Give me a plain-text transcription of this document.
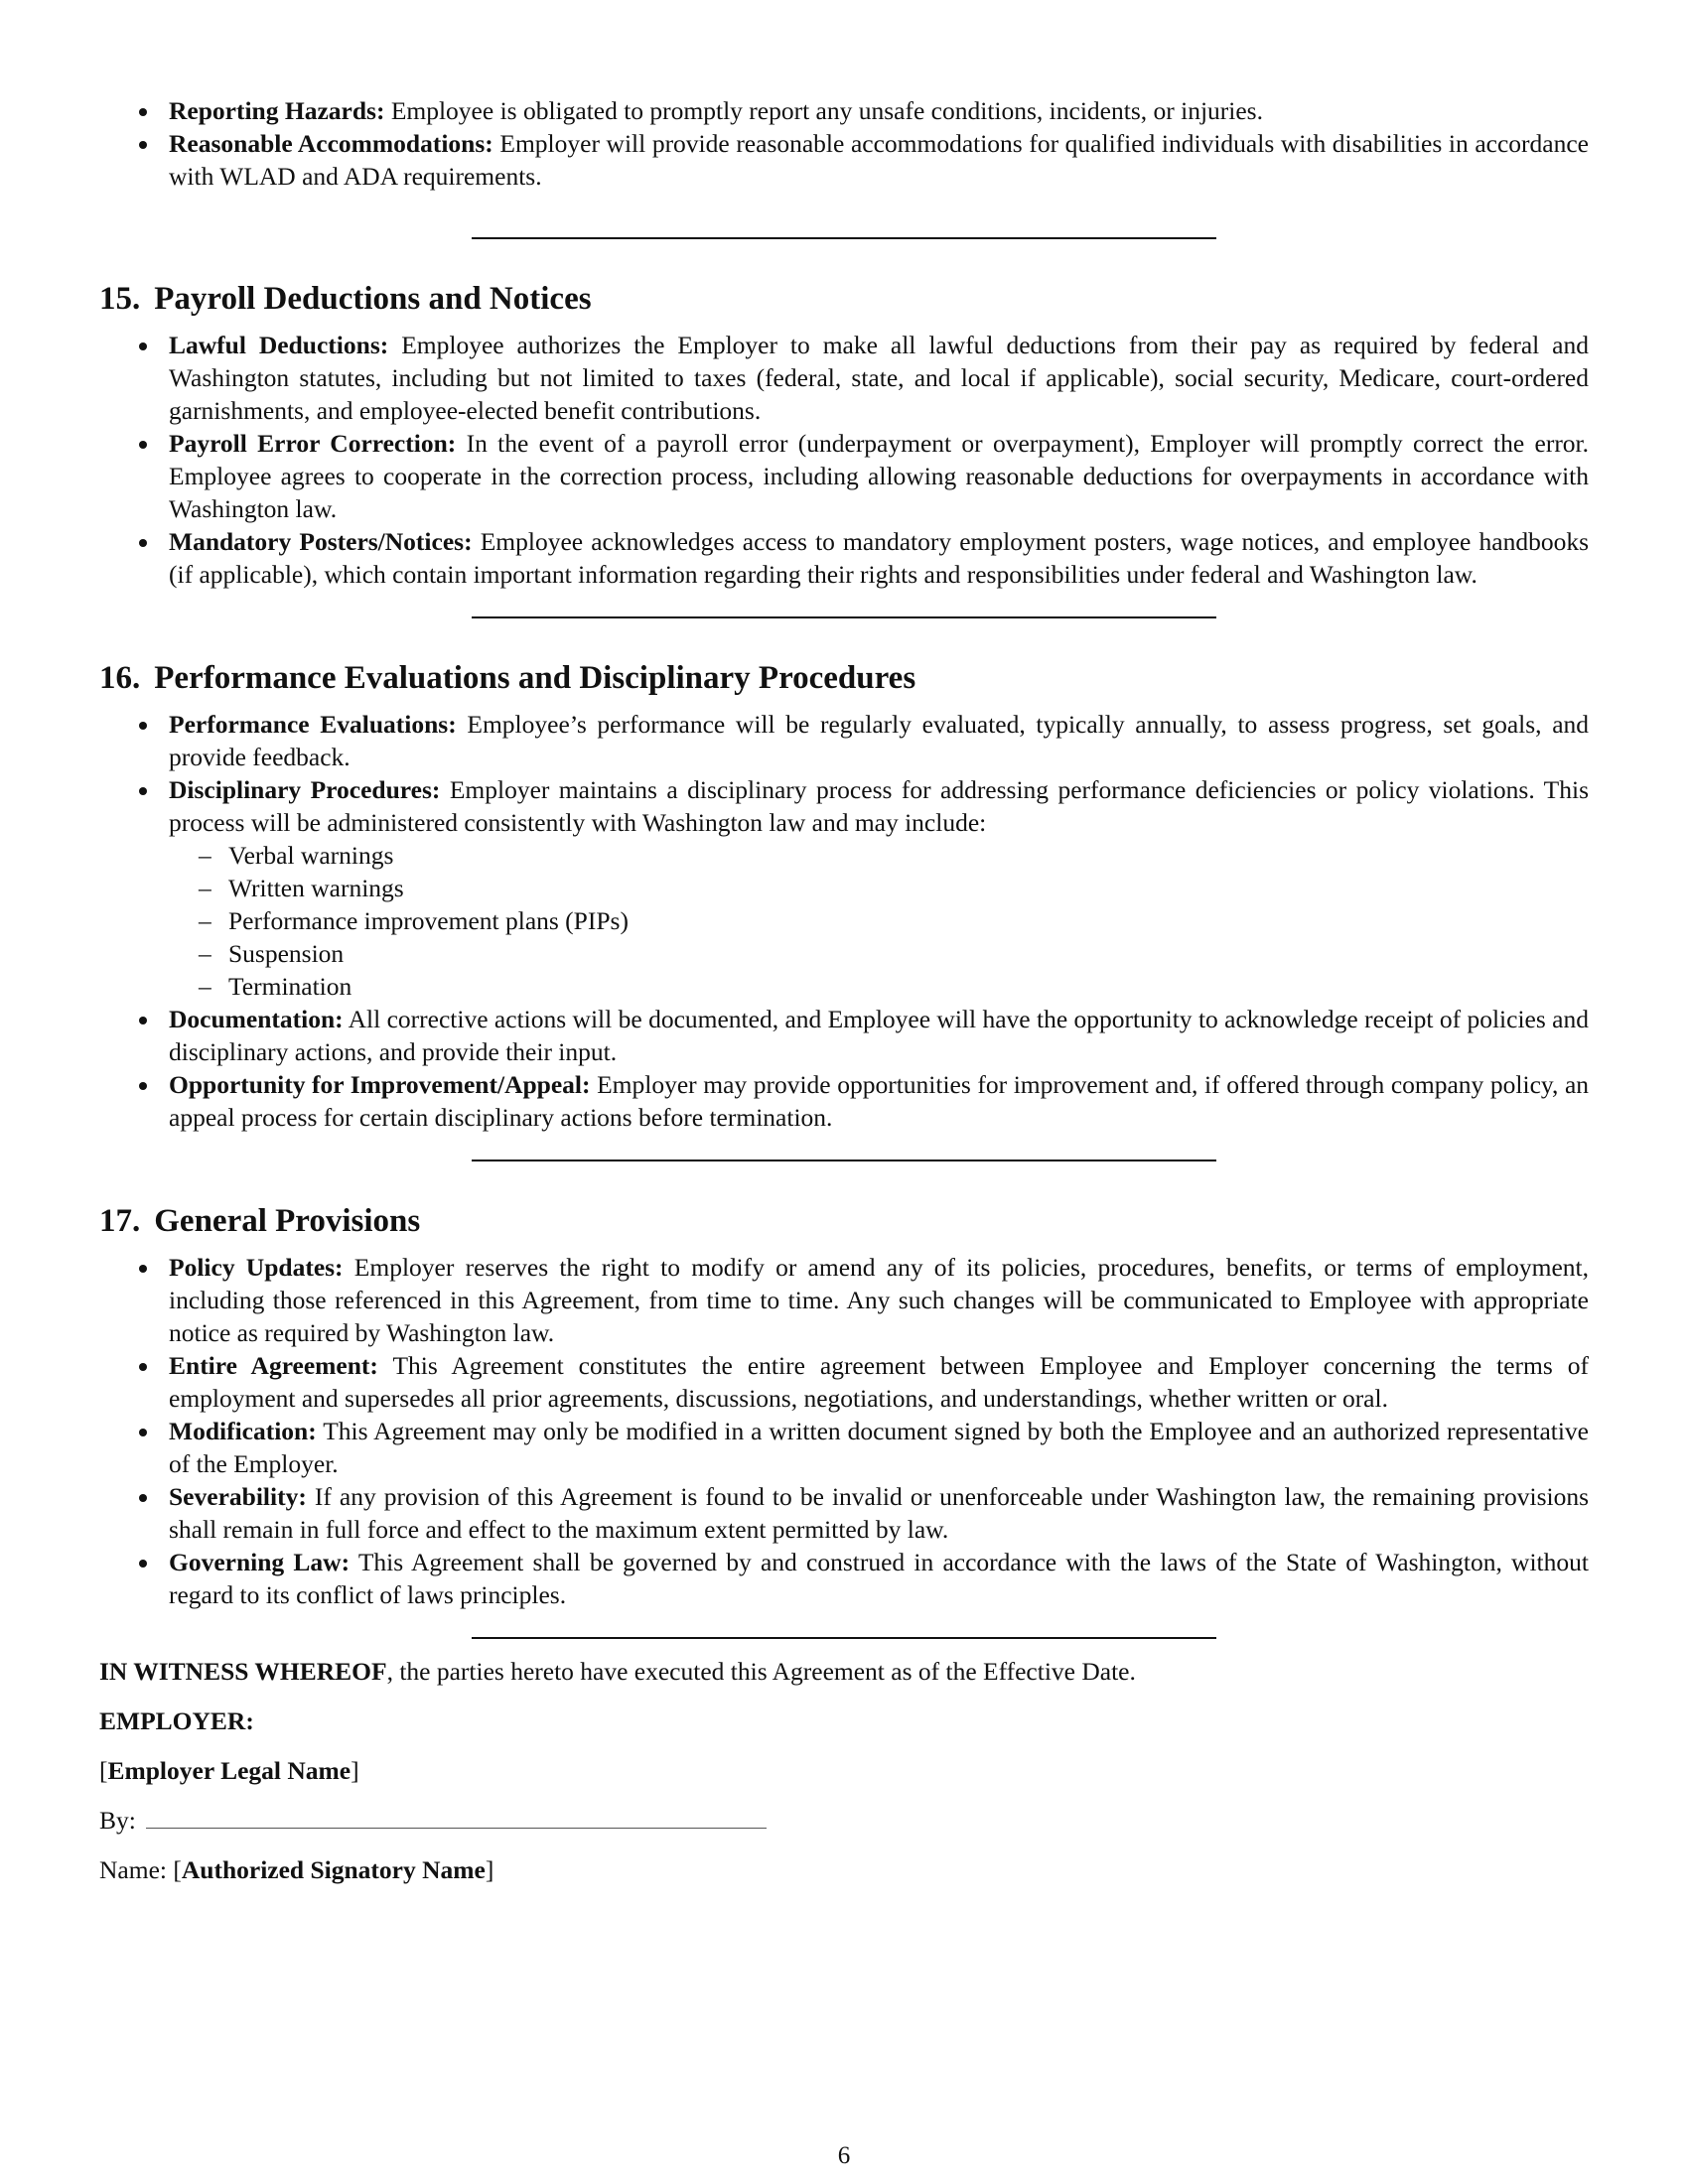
Reporting Hazards: Employee is obligated to promptly report any unsafe conditions, incidents, or injuries.
Reasonable Accommodations: Employer will provide reasonable accommodations for qualified individuals with disabilities in accordance with WLAD and ADA requirements.
15. Payroll Deductions and Notices
Lawful Deductions: Employee authorizes the Employer to make all lawful deductions from their pay as required by federal and Washington statutes, including but not limited to taxes (federal, state, and local if applicable), social security, Medicare, court-ordered garnishments, and employee-elected benefit contributions.
Payroll Error Correction: In the event of a payroll error (underpayment or overpayment), Employer will promptly correct the error. Employee agrees to cooperate in the correction process, including allowing reasonable deductions for overpayments in accordance with Washington law.
Mandatory Posters/Notices: Employee acknowledges access to mandatory employment posters, wage notices, and employee handbooks (if applicable), which contain important information regarding their rights and responsibilities under federal and Washington law.
16. Performance Evaluations and Disciplinary Procedures
Performance Evaluations: Employee’s performance will be regularly evaluated, typically annually, to assess progress, set goals, and provide feedback.
Disciplinary Procedures: Employer maintains a disciplinary process for addressing performance deficiencies or policy violations. This process will be administered consistently with Washington law and may include:
– Verbal warnings
– Written warnings
– Performance improvement plans (PIPs)
– Suspension
– Termination
Documentation: All corrective actions will be documented, and Employee will have the opportunity to acknowledge receipt of policies and disciplinary actions, and provide their input.
Opportunity for Improvement/Appeal: Employer may provide opportunities for improvement and, if offered through company policy, an appeal process for certain disciplinary actions before termination.
17. General Provisions
Policy Updates: Employer reserves the right to modify or amend any of its policies, procedures, benefits, or terms of employment, including those referenced in this Agreement, from time to time. Any such changes will be communicated to Employee with appropriate notice as required by Washington law.
Entire Agreement: This Agreement constitutes the entire agreement between Employee and Employer concerning the terms of employment and supersedes all prior agreements, discussions, negotiations, and understandings, whether written or oral.
Modification: This Agreement may only be modified in a written document signed by both the Employee and an authorized representative of the Employer.
Severability: If any provision of this Agreement is found to be invalid or unenforceable under Washington law, the remaining provisions shall remain in full force and effect to the maximum extent permitted by law.
Governing Law: This Agreement shall be governed by and construed in accordance with the laws of the State of Washington, without regard to its conflict of laws principles.

IN WITNESS WHEREOF, the parties hereto have executed this Agreement as of the Effective Date.

EMPLOYER:

[Employer Legal Name]

By:

Name: [Authorized Signatory Name]

6
